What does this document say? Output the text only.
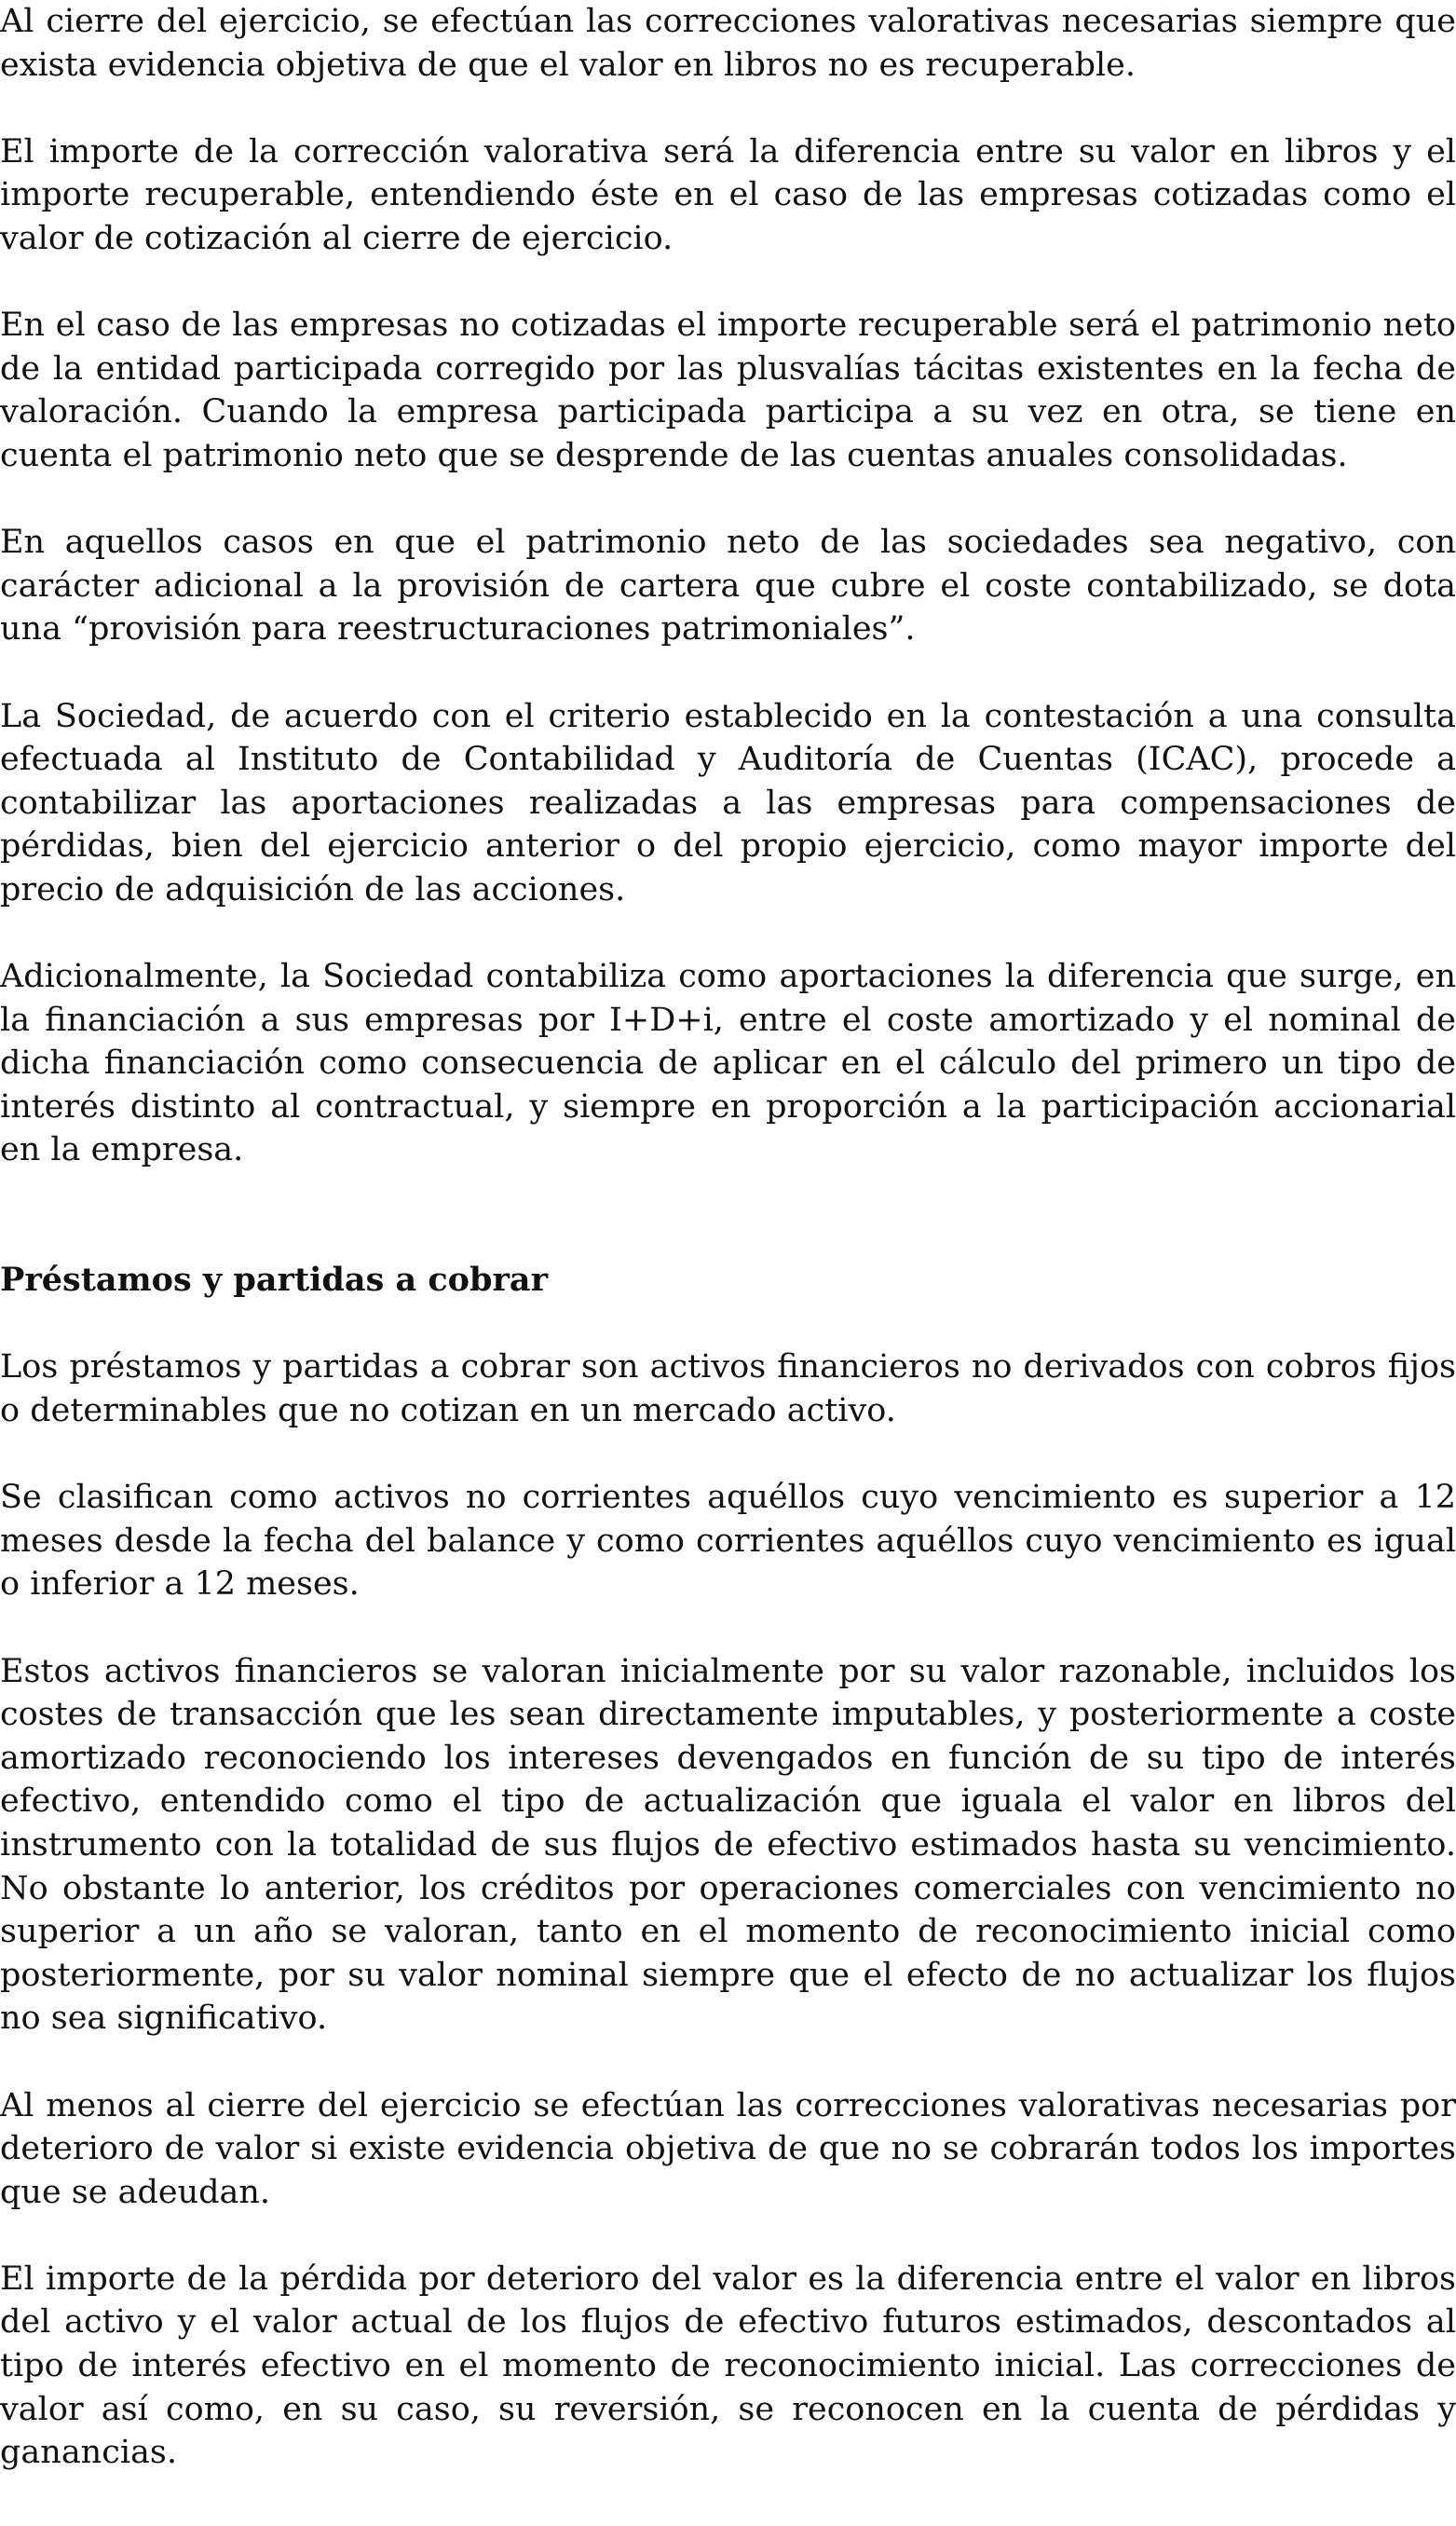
Al cierre del ejercicio, se efectúan las correcciones valorativas necesarias siempre que exista evidencia objetiva de que el valor en libros no es recuperable.

El importe de la corrección valorativa será la diferencia entre su valor en libros y el importe recuperable, entendiendo éste en el caso de las empresas cotizadas como el valor de cotización al cierre de ejercicio.

En el caso de las empresas no cotizadas el importe recuperable será el patrimonio neto de la entidad participada corregido por las plusvalías tácitas existentes en la fecha de valoración. Cuando la empresa participada participa a su vez en otra, se tiene en cuenta el patrimonio neto que se desprende de las cuentas anuales consolidadas.

En aquellos casos en que el patrimonio neto de las sociedades sea negativo, con carácter adicional a la provisión de cartera que cubre el coste contabilizado, se dota una “provisión para reestructuraciones patrimoniales”.

La Sociedad, de acuerdo con el criterio establecido en la contestación a una consulta efectuada al Instituto de Contabilidad y Auditoría de Cuentas (ICAC), procede a contabilizar las aportaciones realizadas a las empresas para compensaciones de pérdidas, bien del ejercicio anterior o del propio ejercicio, como mayor importe del precio de adquisición de las acciones.

Adicionalmente, la Sociedad contabiliza como aportaciones la diferencia que surge, en la financiación a sus empresas por I+D+i, entre el coste amortizado y el nominal de dicha financiación como consecuencia de aplicar en el cálculo del primero un tipo de interés distinto al contractual, y siempre en proporción a la participación accionarial en la empresa.

Préstamos y partidas a cobrar

Los préstamos y partidas a cobrar son activos financieros no derivados con cobros fijos o determinables que no cotizan en un mercado activo.

Se clasifican como activos no corrientes aquéllos cuyo vencimiento es superior a 12 meses desde la fecha del balance y como corrientes aquéllos cuyo vencimiento es igual o inferior a 12 meses.

Estos activos financieros se valoran inicialmente por su valor razonable, incluidos los costes de transacción que les sean directamente imputables, y posteriormente a coste amortizado reconociendo los intereses devengados en función de su tipo de interés efectivo, entendido como el tipo de actualización que iguala el valor en libros del instrumento con la totalidad de sus flujos de efectivo estimados hasta su vencimiento. No obstante lo anterior, los créditos por operaciones comerciales con vencimiento no superior a un año se valoran, tanto en el momento de reconocimiento inicial como posteriormente, por su valor nominal siempre que el efecto de no actualizar los flujos no sea significativo.

Al menos al cierre del ejercicio se efectúan las correcciones valorativas necesarias por deterioro de valor si existe evidencia objetiva de que no se cobrarán todos los importes que se adeudan.

El importe de la pérdida por deterioro del valor es la diferencia entre el valor en libros del activo y el valor actual de los flujos de efectivo futuros estimados, descontados al tipo de interés efectivo en el momento de reconocimiento inicial. Las correcciones de valor así como, en su caso, su reversión, se reconocen en la cuenta de pérdidas y ganancias.
